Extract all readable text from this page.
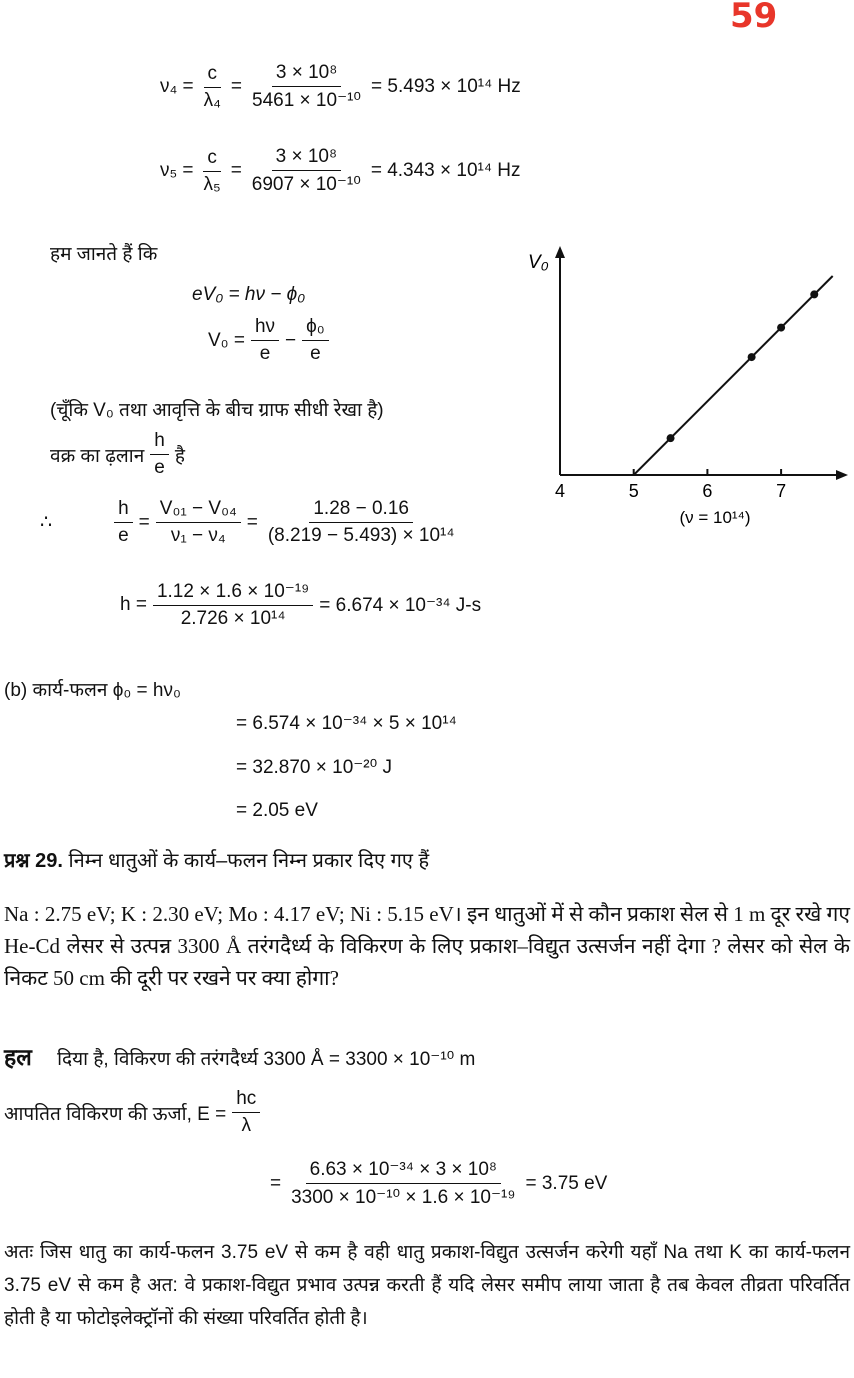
59
$\nu_4 = \frac{c}{\text{λ₄}} = \frac{\text{3 × 10⁸}}{\text{5461 × 10⁻¹⁰}} = 5.493 \times 10^{14}$ Hz
$\nu_5 = \frac{c}{\text{λ₅}} = \frac{\text{3 × 10⁸}}{\text{6907 × 10⁻¹⁰}} = 4.343 \times 10^{14}$ Hz
हम जानते हैं कि
eV₀ = hν − ϕ₀
$V_0 = \frac{h\nu}{e} - \frac{\text{ϕ₀}}{e}$
(चूँकि V₀ तथा आवृत्ति के बीच ग्राफ सीधी रेखा है)
वक्र का ढ़लान $\frac{h}{e}$ है
∴	$\frac{h}{e} = \frac{\text{V₀₁ − V₀₄}}{\text{ν₁ − ν₄}} = \frac{1.28 - 0.16}{\text{(8.219 − 5.493) × 10¹⁴}}$
$h = \frac{\text{1.12 × 1.6 × 10⁻¹⁹}}{\text{2.726 × 10¹⁴}} = 6.674 \times 10^{-34}$ J-s
(b) कार्य-फलन ϕ₀ = hν₀
= 6.574 × 10⁻³⁴ × 5 × 10¹⁴
= 32.870 × 10⁻²⁰ J
= 2.05 eV
V₀
4	5	6	7
(ν = 10¹⁴)
प्रश्न 29. निम्न धातुओं के कार्य–फलन निम्न प्रकार दिए गए हैं
Na : 2.75 eV; K : 2.30 eV; Mo : 4.17 eV; Ni : 5.15 eV। इन धातुओं में से कौन प्रकाश सेल से 1 m दूर रखे गए He-Cd लेसर से उत्पन्न 3300 Å तरंगदैर्ध्य के विकिरण के लिए प्रकाश–विद्युत उत्सर्जन नहीं देगा ? लेसर को सेल के निकट 50 cm की दूरी पर रखने पर क्या होगा?
हल दिया है, विकिरण की तरंगदैर्ध्य 3300 Å = 3300 × 10⁻¹⁰ m
आपतित विकिरण की ऊर्जा, $E = \frac{hc}{\lambda}$
= $\frac{\text{6.63 × 10⁻³⁴ × 3 × 10⁸}}{\text{3300 × 10⁻¹⁰ × 1.6 × 10⁻¹⁹}} = 3.75$ eV
अतः जिस धातु का कार्य-फलन 3.75 eV से कम है वही धातु प्रकाश-विद्युत उत्सर्जन करेगी यहाँ Na तथा K का कार्य-फलन 3.75 eV से कम है अत: वे प्रकाश-विद्युत प्रभाव उत्पन्न करती हैं यदि लेसर समीप लाया जाता है तब केवल तीव्रता परिवर्तित होती है या फोटोइलेक्ट्रॉनों की संख्या परिवर्तित होती है।
